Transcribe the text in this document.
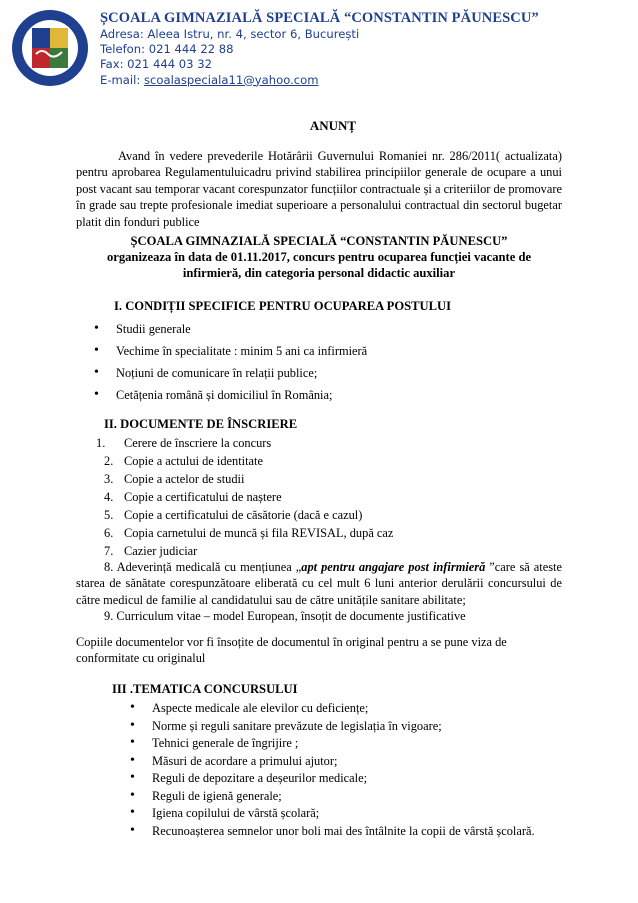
ȘCOALA GIMNAZIALĂ SPECIALĂ “CONSTANTIN PĂUNESCU”
Adresa: Aleea Istru, nr. 4, sector 6, București
Telefon: 021 444 22 88
Fax: 021 444 03 32
E-mail: scoalaspeciala11@yahoo.com
ANUNȚ
Avand în vedere prevederile Hotărârii Guvernului Romaniei nr. 286/2011( actualizata) pentru aprobarea Regulamentuluicadru privind stabilirea principiilor generale de ocupare a unui post vacant sau temporar vacant corespunzator funcțiilor contractuale și a criteriilor de promovare în grade sau trepte profesionale imediat superioare a personalului contractual din sectorul bugetar platit din fonduri publice
ȘCOALA GIMNAZIALĂ SPECIALĂ “CONSTANTIN PĂUNESCU”
organizeaza în data de 01.11.2017, concurs pentru ocuparea funcției vacante de
infirmieră, din categoria personal didactic auxiliar
I. CONDIȚII SPECIFICE PENTRU OCUPAREA POSTULUI
• Studii generale
• Vechime în specialitate : minim 5 ani ca infirmieră
• Noțiuni de comunicare în relații publice;
• Cetățenia română și domiciliul în România;
II. DOCUMENTE DE ÎNSCRIERE
1. Cerere de înscriere la concurs
2. Copie a actului de identitate
3. Copie a actelor de studii
4. Copie a certificatului de naștere
5. Copie a certificatului de căsătorie (dacă e cazul)
6. Copia carnetului de muncă și fila REVISAL, după caz
7. Cazier judiciar
8. Adeverință medicală cu mențiunea „apt pentru angajare post infirmieră ”care să ateste starea de sănătate corespunzătoare eliberată cu cel mult 6 luni anterior derulării concursului de către medicul de familie al candidatului sau de către unitățile sanitare abilitate;
9. Curriculum vitae – model European, însoțit de documente justificative
Copiile documentelor vor fi însoțite de documentul în original pentru a se pune viza de conformitate cu originalul
III .TEMATICA CONCURSULUI
• Aspecte medicale ale elevilor cu deficiențe;
• Norme și reguli sanitare prevăzute de legislația în vigoare;
• Tehnici generale de îngrijire ;
• Măsuri de acordare a primului ajutor;
• Reguli de depozitare a deșeurilor medicale;
• Reguli de igienă generale;
• Igiena copilului de vârstă școlară;
• Recunoașterea semnelor unor boli mai des întâlnite la copii de vârstă școlară.
